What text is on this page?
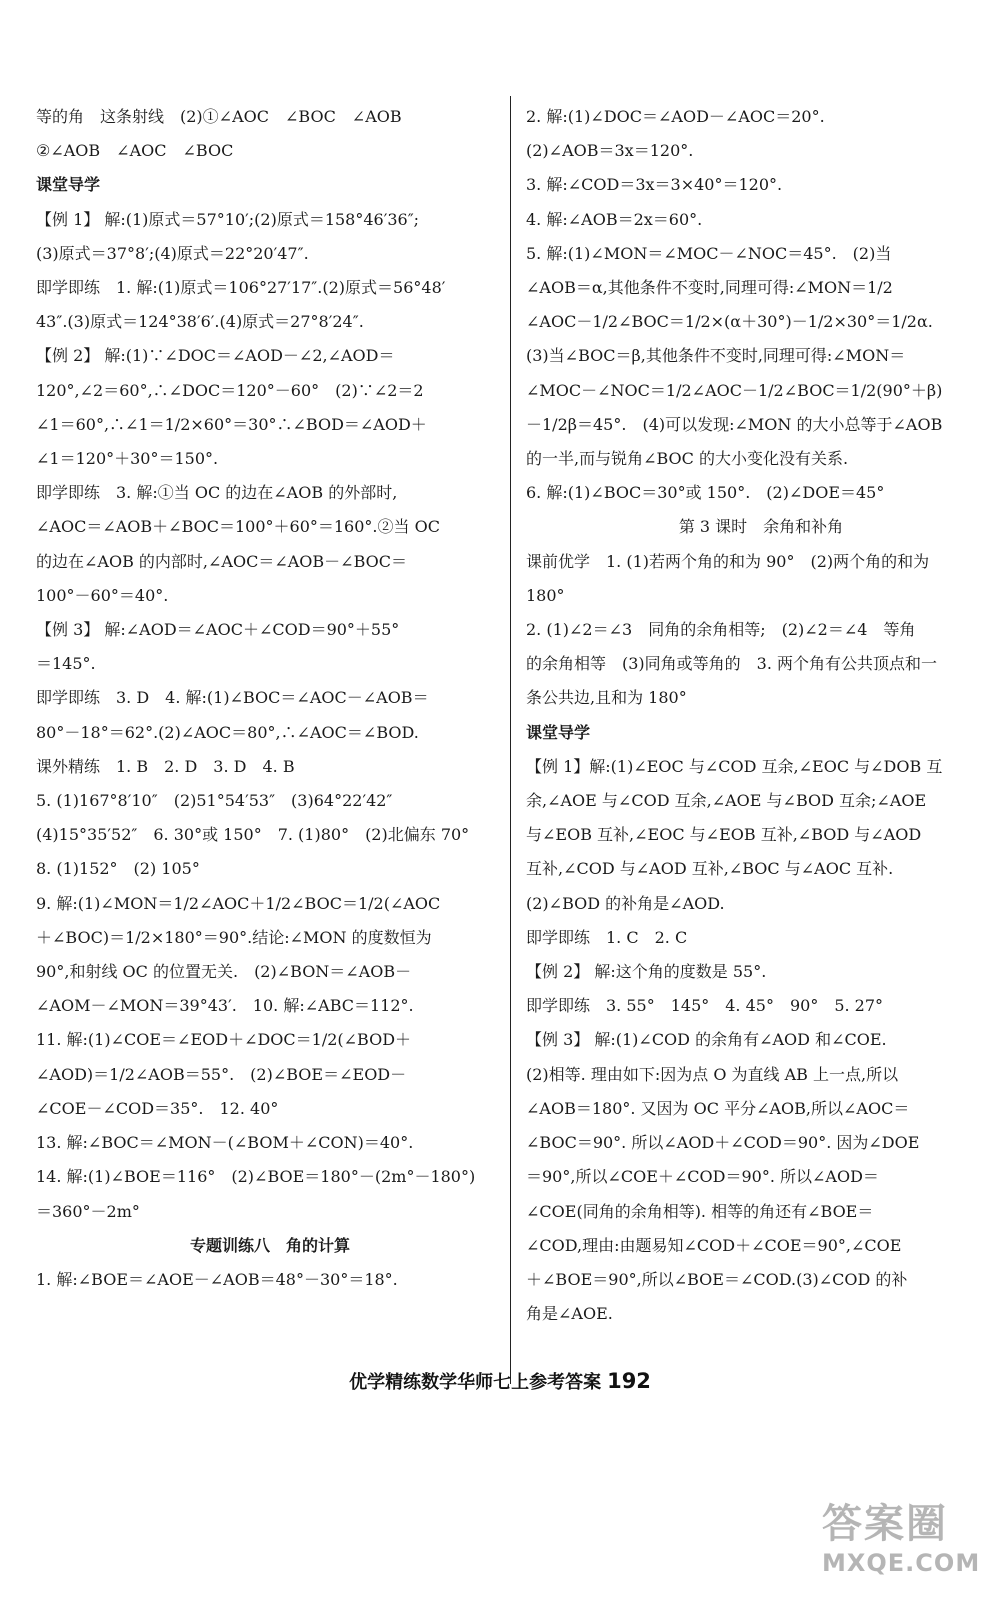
等的角　这条射线　(2)①∠AOC　∠BOC　∠AOB
②∠AOB　∠AOC　∠BOC
课堂导学
【例 1】 解:(1)原式＝57°10′;(2)原式＝158°46′36″;
(3)原式＝37°8′;(4)原式＝22°20′47″.
即学即练　1. 解:(1)原式＝106°27′17″.(2)原式＝56°48′
43″.(3)原式＝124°38′6′.(4)原式＝27°8′24″.
【例 2】 解:(1)∵∠DOC＝∠AOD－∠2,∠AOD＝
120°,∠2＝60°,∴∠DOC＝120°－60°　(2)∵∠2＝2
∠1＝60°,∴∠1＝1/2×60°＝30°∴∠BOD＝∠AOD＋
∠1＝120°＋30°＝150°.
即学即练　3. 解:①当 OC 的边在∠AOB 的外部时,
∠AOC＝∠AOB＋∠BOC＝100°＋60°＝160°.②当 OC
的边在∠AOB 的内部时,∠AOC＝∠AOB－∠BOC＝
100°－60°＝40°.
【例 3】 解:∠AOD＝∠AOC＋∠COD＝90°＋55°
＝145°.
即学即练　3. D　4. 解:(1)∠BOC＝∠AOC－∠AOB＝
80°－18°＝62°.(2)∠AOC＝80°,∴∠AOC＝∠BOD.
课外精练　1. B　2. D　3. D　4. B
5. (1)167°8′10″　(2)51°54′53″　(3)64°22′42″
(4)15°35′52″　6. 30°或 150°　7. (1)80°　(2)北偏东 70°
8. (1)152°　(2) 105°
9. 解:(1)∠MON＝1/2∠AOC＋1/2∠BOC＝1/2(∠AOC
＋∠BOC)＝1/2×180°＝90°.结论:∠MON 的度数恒为
90°,和射线 OC 的位置无关.　(2)∠BON＝∠AOB－
∠AOM－∠MON＝39°43′.　10. 解:∠ABC＝112°.
11. 解:(1)∠COE＝∠EOD＋∠DOC＝1/2(∠BOD＋
∠AOD)＝1/2∠AOB＝55°.　(2)∠BOE＝∠EOD－
∠COE－∠COD＝35°.　12. 40°
13. 解:∠BOC＝∠MON－(∠BOM＋∠CON)＝40°.
14. 解:(1)∠BOE＝116°　(2)∠BOE＝180°－(2m°－180°)
＝360°－2m°
专题训练八　角的计算
1. 解:∠BOE＝∠AOE－∠AOB＝48°－30°＝18°.
2. 解:(1)∠DOC＝∠AOD－∠AOC＝20°.
(2)∠AOB＝3x＝120°.
3. 解:∠COD＝3x＝3×40°＝120°.
4. 解:∠AOB＝2x＝60°.
5. 解:(1)∠MON＝∠MOC－∠NOC＝45°.　(2)当
∠AOB＝α,其他条件不变时,同理可得:∠MON＝1/2
∠AOC－1/2∠BOC＝1/2×(α＋30°)－1/2×30°＝1/2α.
(3)当∠BOC＝β,其他条件不变时,同理可得:∠MON＝
∠MOC－∠NOC＝1/2∠AOC－1/2∠BOC＝1/2(90°＋β)
－1/2β＝45°.　(4)可以发现:∠MON 的大小总等于∠AOB
的一半,而与锐角∠BOC 的大小变化没有关系.
6. 解:(1)∠BOC＝30°或 150°.　(2)∠DOE＝45°
第 3 课时　余角和补角
课前优学　1. (1)若两个角的和为 90°　(2)两个角的和为
180°
2. (1)∠2＝∠3　同角的余角相等;　(2)∠2＝∠4　等角
的余角相等　(3)同角或等角的　3. 两个角有公共顶点和一
条公共边,且和为 180°
课堂导学
【例 1】解:(1)∠EOC 与∠COD 互余,∠EOC 与∠DOB 互
余,∠AOE 与∠COD 互余,∠AOE 与∠BOD 互余;∠AOE
与∠EOB 互补,∠EOC 与∠EOB 互补,∠BOD 与∠AOD
互补,∠COD 与∠AOD 互补,∠BOC 与∠AOC 互补.
(2)∠BOD 的补角是∠AOD.
即学即练　1. C　2. C
【例 2】 解:这个角的度数是 55°.
即学即练　3. 55°　145°　4. 45°　90°　5. 27°
【例 3】 解:(1)∠COD 的余角有∠AOD 和∠COE.
(2)相等. 理由如下:因为点 O 为直线 AB 上一点,所以
∠AOB＝180°. 又因为 OC 平分∠AOB,所以∠AOC＝
∠BOC＝90°. 所以∠AOD＋∠COD＝90°. 因为∠DOE
＝90°,所以∠COE＋∠COD＝90°. 所以∠AOD＝
∠COE(同角的余角相等). 相等的角还有∠BOE＝
∠COD,理由:由题易知∠COD＋∠COE＝90°,∠COE
＋∠BOE＝90°,所以∠BOE＝∠COD.(3)∠COD 的补
角是∠AOE.
优学精练数学华师七上参考答案 192
答案圈
MXQE.COM
